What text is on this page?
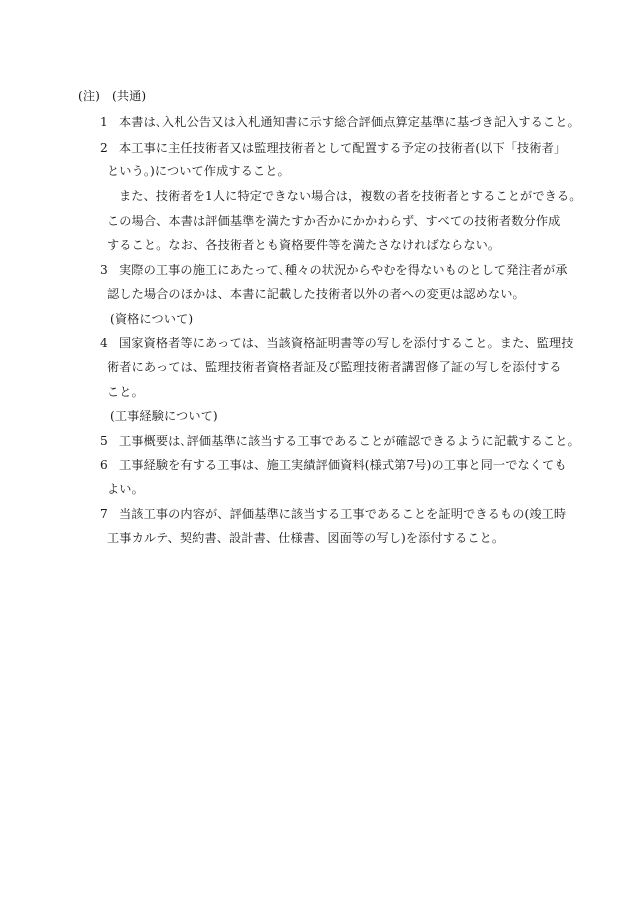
(注) (共通)
1 本書は､入札公告又は入札通知書に示す総合評価点算定基準に基づき記入すること。
2 本工事に主任技術者又は監理技術者として配置する予定の技術者(以下「技術者」
という。)について作成すること。
また、技術者を1人に特定できない場合は，複数の者を技術者とすることができる。
この場合、本書は評価基準を満たすか否かにかかわらず、すべての技術者数分作成
すること。なお、各技術者とも資格要件等を満たさなければならない。
3 実際の工事の施工にあたって､種々の状況からやむを得ないものとして発注者が承
認した場合のほかは、本書に記載した技術者以外の者への変更は認めない。
(資格について)
4 国家資格者等にあっては、当該資格証明書等の写しを添付すること。また、監理技
術者にあっては、監理技術者資格者証及び監理技術者講習修了証の写しを添付する
こと。
(工事経験について)
5 工事概要は､評価基準に該当する工事であることが確認できるように記載すること。
6 工事経験を有する工事は、施工実績評価資料(様式第7号)の工事と同一でなくても
よい。
7 当該工事の内容が、評価基準に該当する工事であることを証明できるもの(竣工時
工事カルテ、契約書、設計書、仕様書、図面等の写し)を添付すること。
